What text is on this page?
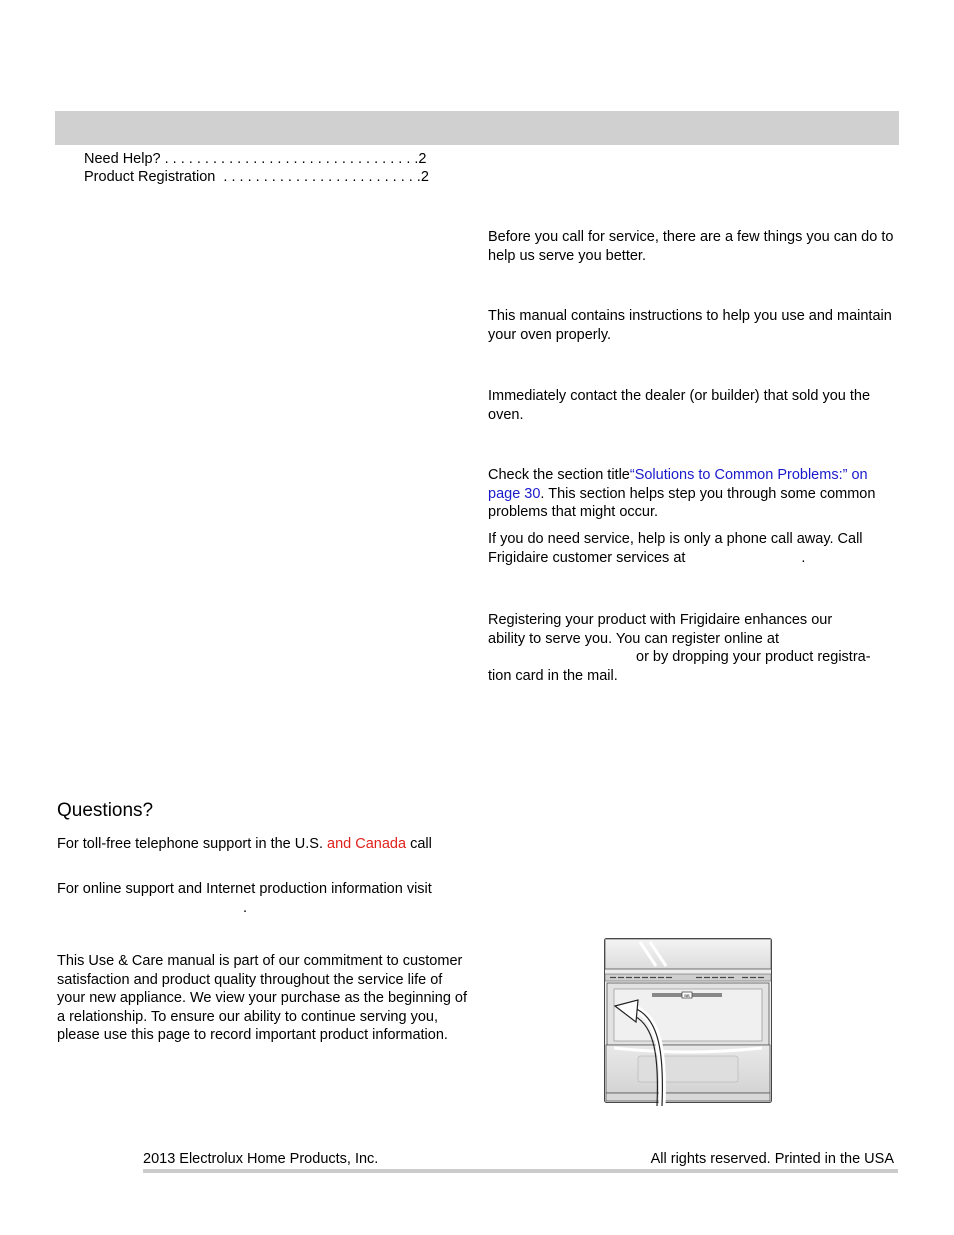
Need Help? . . . . . . . . . . . . . . . . . . . . . . . . . . . . . . . .2
Product Registration  . . . . . . . . . . . . . . . . . . . . . . . . .2
Before you call for service, there are a few things you can do to help us serve you better.
This manual contains instructions to help you use and maintain your oven properly.
Immediately contact the dealer (or builder) that sold you the oven.
Check the section title“Solutions to Common Problems:” on page 30. This section helps step you through some common problems that might occur.
If you do need service, help is only a phone call away. Call Frigidaire customer services at	.
Registering your product with Frigidaire enhances our
ability to serve you. You can register online at
or by dropping your product registra-
tion card in the mail.
Questions?
For toll-free telephone support in the U.S. and Canada call
For online support and Internet production information visit
.
This Use & Care manual is part of our commitment to customer satisfaction and product quality throughout the service life of your new appliance. We view your purchase as the beginning of a relationship. To ensure our ability to continue serving you, please use this page to record important product information.
BB
2013 Electrolux Home Products, Inc.	All rights reserved. Printed in the USA
